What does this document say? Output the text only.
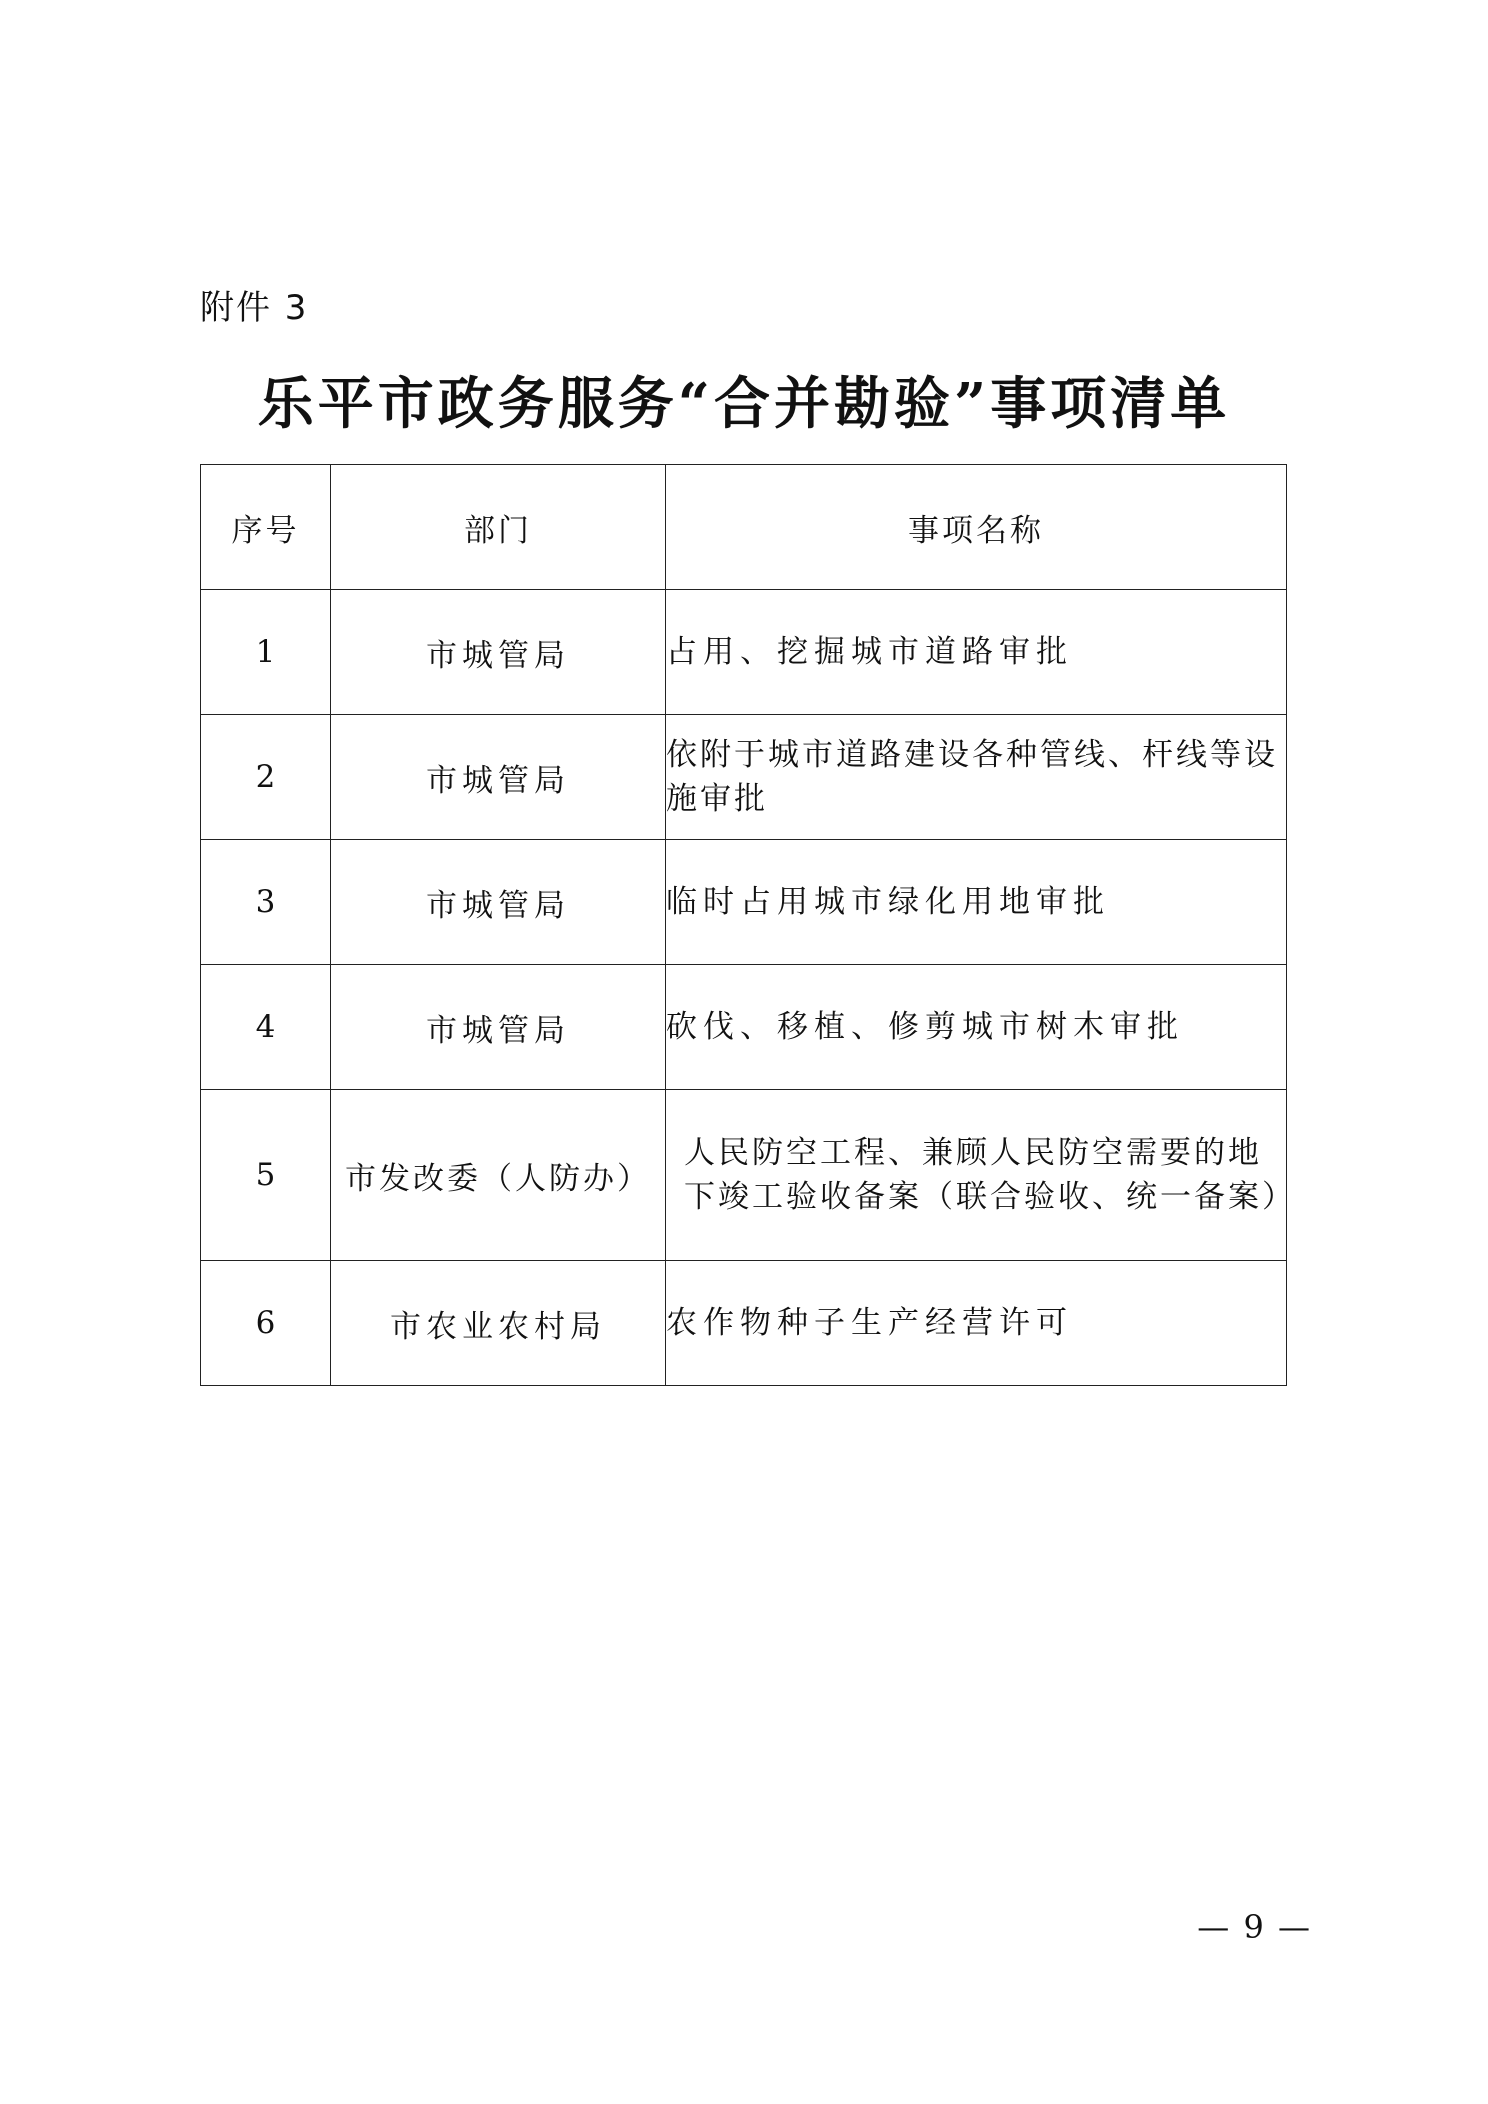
附件 3
乐平市政务服务“合并勘验”事项清单
序号	部门	事项名称
1	市城管局	占用、挖掘城市道路审批
2	市城管局	依附于城市道路建设各种管线、杆线等设施审批
3	市城管局	临时占用城市绿化用地审批
4	市城管局	砍伐、移植、修剪城市树木审批
5	市发改委（人防办）	人民防空工程、兼顾人民防空需要的地下竣工验收备案（联合验收、统一备案）
6	市农业农村局	农作物种子生产经营许可
— 9 —
